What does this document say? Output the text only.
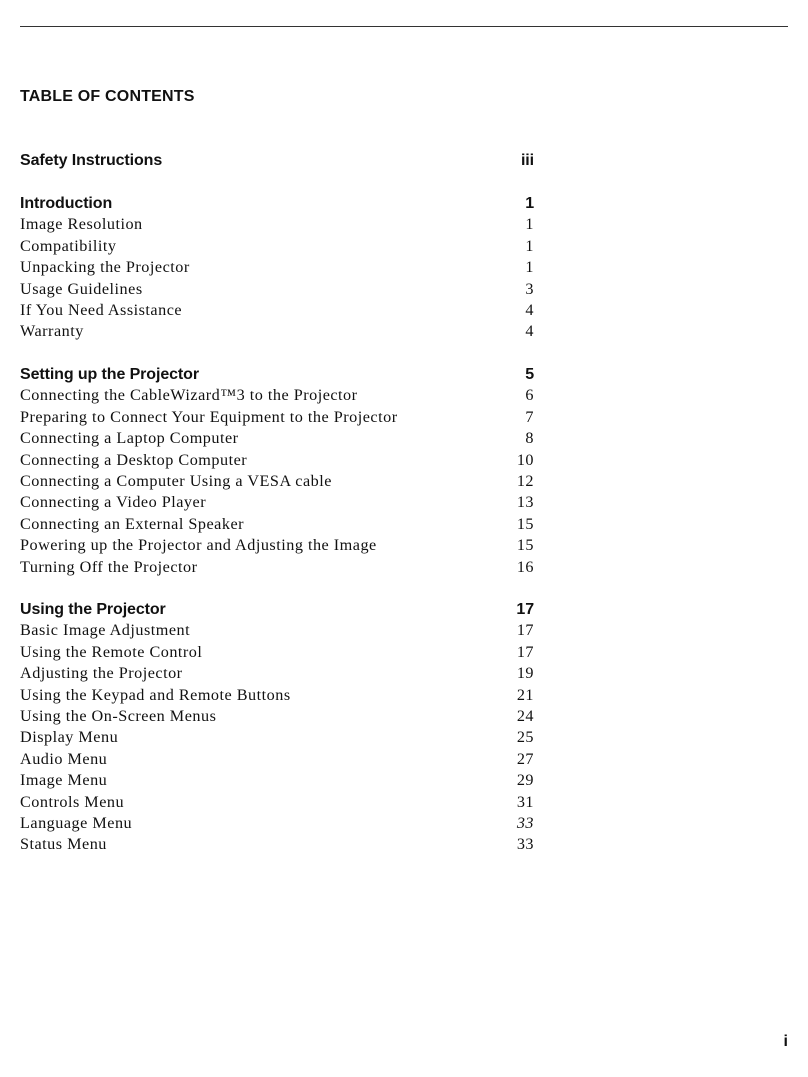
TABLE OF CONTENTS
Safety Instructions	iii
Introduction	1
Image Resolution	1
Compatibility	1
Unpacking the Projector	1
Usage Guidelines	3
If You Need Assistance	4
Warranty	4
Setting up the Projector	5
Connecting the CableWizard™3 to the Projector	6
Preparing to Connect Your Equipment to the Projector	7
Connecting a Laptop Computer	8
Connecting a Desktop Computer	10
Connecting a Computer Using a VESA cable	12
Connecting a Video Player	13
Connecting an External Speaker	15
Powering up the Projector and Adjusting the Image	15
Turning Off the Projector	16
Using the Projector	17
Basic Image Adjustment	17
Using the Remote Control	17
Adjusting the Projector	19
Using the Keypad and Remote Buttons	21
Using the On-Screen Menus	24
Display Menu	25
Audio Menu	27
Image Menu	29
Controls Menu	31
Language Menu	33
Status Menu	33
i
